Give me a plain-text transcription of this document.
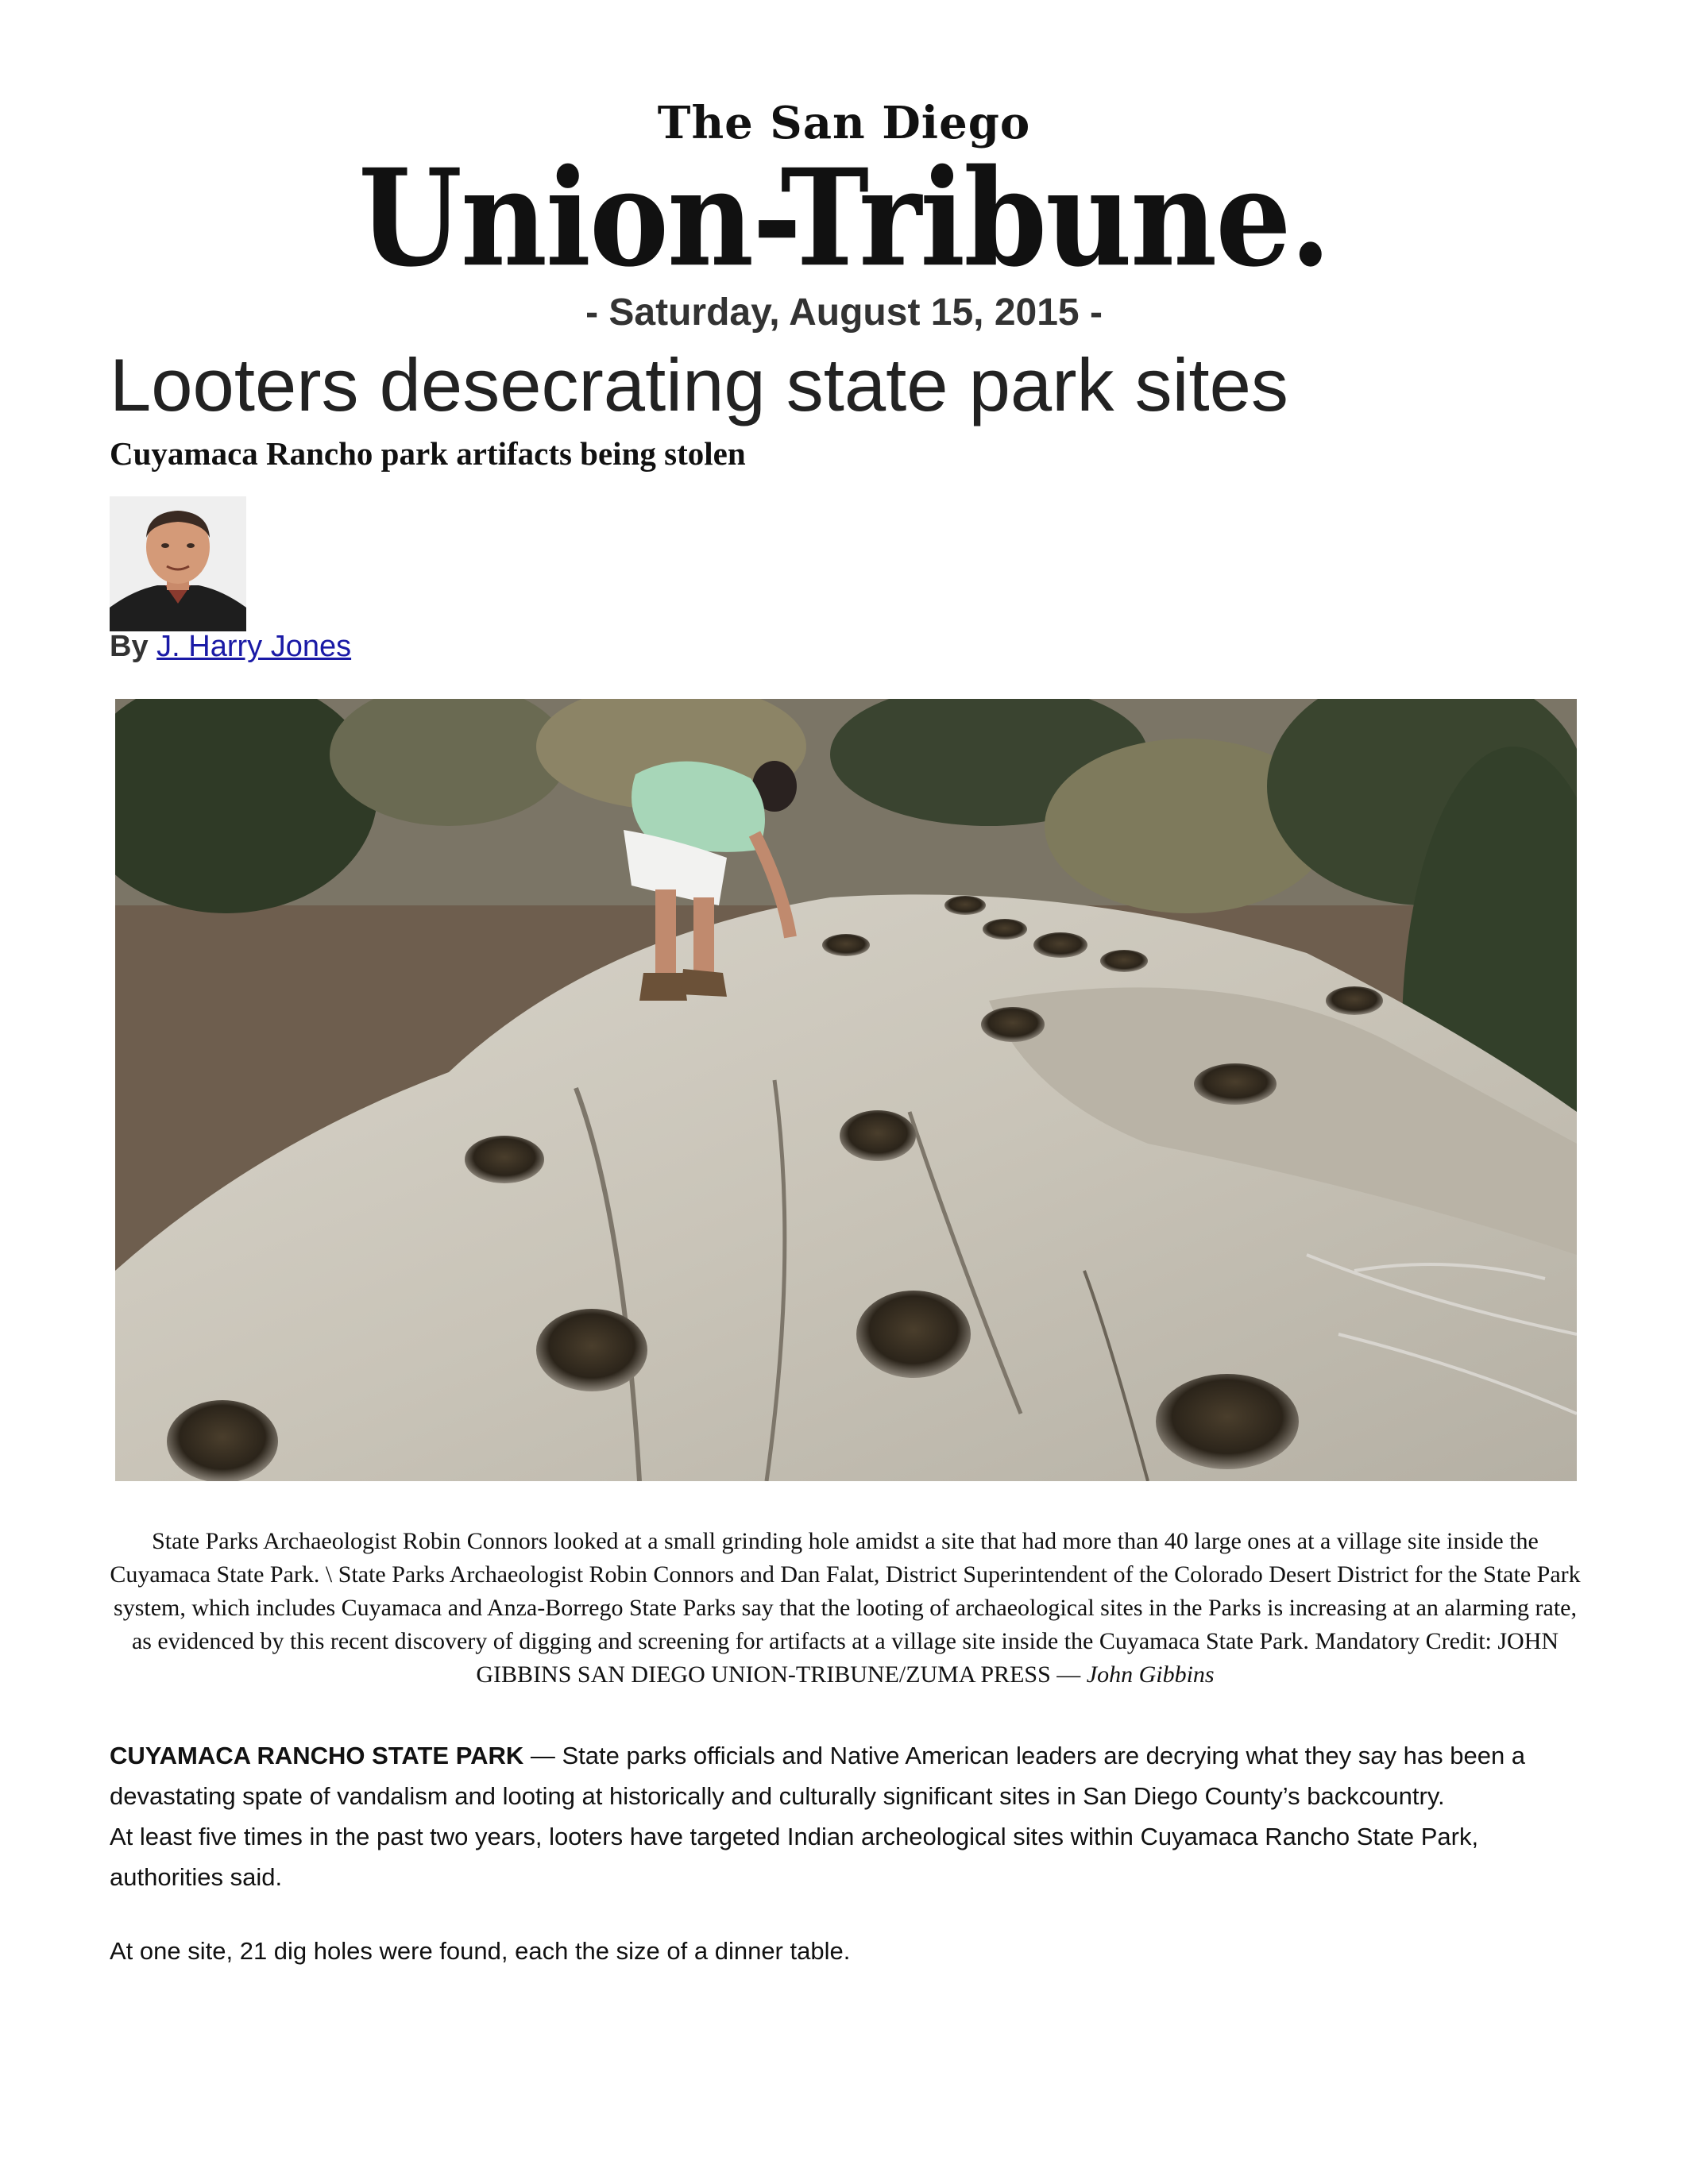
The San Diego
Union-Tribune.
- Saturday, August 15, 2015 -
Looters desecrating state park sites
Cuyamaca Rancho park artifacts being stolen
By J. Harry Jones
State Parks Archaeologist Robin Connors looked at a small grinding hole amidst a site that had more than 40 large ones at a village site inside the Cuyamaca State Park. \ State Parks Archaeologist Robin Connors and Dan Falat, District Superintendent of the Colorado Desert District for the State Park system, which includes Cuyamaca and Anza-Borrego State Parks say that the looting of archaeological sites in the Parks is increasing at an alarming rate, as evidenced by this recent discovery of digging and screening for artifacts at a village site inside the Cuyamaca State Park. Mandatory Credit: JOHN GIBBINS SAN DIEGO UNION-TRIBUNE/ZUMA PRESS — John Gibbins

CUYAMACA RANCHO STATE PARK — State parks officials and Native American leaders are decrying what they say has been a devastating spate of vandalism and looting at historically and culturally significant sites in San Diego County’s backcountry.

At least five times in the past two years, looters have targeted Indian archeological sites within Cuyamaca Rancho State Park, authorities said.

At one site, 21 dig holes were found, each the size of a dinner table.
